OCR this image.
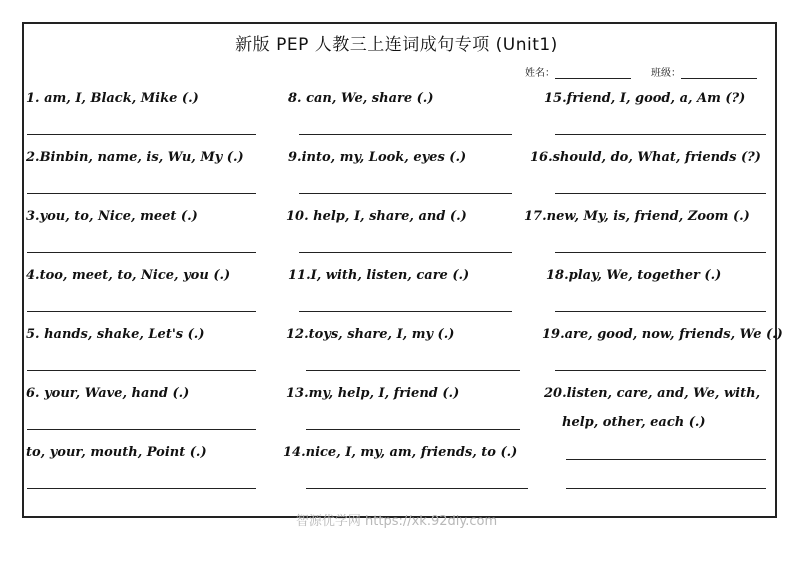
新版 PEP 人教三上连词成句专项 (Unit1)
姓名：	班级：
1. am, I, Black, Mike (.)
2.Binbin, name, is, Wu, My (.)
3.you, to, Nice, meet (.)
4.too, meet, to, Nice, you (.)
5. hands, shake, Let's (.)
6. your, Wave, hand (.)
to, your, mouth, Point (.)
8. can, We, share (.)
9.into, my, Look, eyes (.)
10. help, I, share, and (.)
11.I, with, listen, care (.)
12.toys, share, I, my (.)
13.my, help, I, friend (.)
14.nice, I, my, am, friends, to (.)
15.friend, I, good, a, Am (?)
16.should, do, What, friends (?)
17.new, My, is, friend, Zoom (.)
18.play, We, together (.)
19.are, good, now, friends, We (.)
20.listen, care, and, We, with,
help, other, each (.)
智源优学网 https://xk.92diy.com
